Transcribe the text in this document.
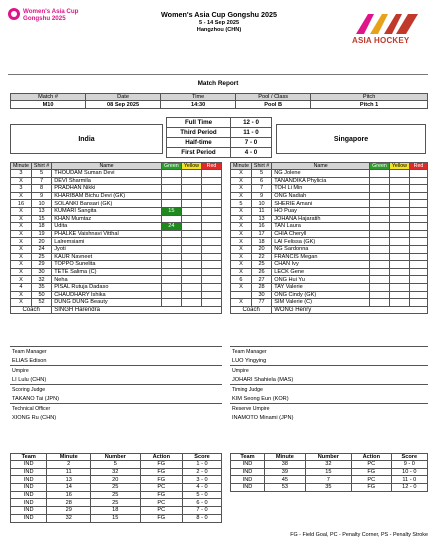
Women's Asia Cup
Gongshu 2025	Women's Asia Cup Gongshu 2025
5 - 14 Sep 2025
Hangzhou (CHN)
ASIA HOCKEY
Match Report
Match #	Date	Time	Pool / Class	Pitch
M10	08 Sep 2025	14:30	Pool B	Pitch 1
India
Full Time	12 - 0
Third Period	11 - 0
Half-time	7 - 0
First Period	4 - 0
Singapore
Minute	Shirt #	Name	Green	Yellow	Red
3	5	THOUDAM Suman Devi			
X	7	DEVI Sharmila			
3	8	PRADHAN Nikki			
X	9	KHARIBAM Bichu Devi (GK)			
16	10	SOLANKI Bansari (GK)			
X	13	KUMARI Sangita	15		
X	15	KHAN Mumtaz			
X	18	Udita	24		
X	19	PHALKE Vaishnavi Vitthal			
X	20	Lalremsiami			
X	24	Jyoti			
X	25	KAUR Navneet			
X	29	TOPPO Sunelita			
X	30	TETE Salima (C)			
X	32	Neha			
4	35	PISAL Rutuja Dadaso			
X	50	CHAUDHARY Ishika			
X	52	DUNG DUNG Beauty			
Coach		SINGH Harendra			
Minute	Shirt #	Name	Green	Yellow	Red
X	5	NG Jolene			
X	6	TANANDIKA Phylicia			
X	7	TOH Li Min			
X	9	ONG Nadiah			
5	10	SHERIE Amani			
X	11	HO Puay			
X	13	JOHANA Hajaratih			
X	16	TAN Laura			
X	17	CHIA Cheryll			
X	18	LAI Felissa (GK)			
X	20	NG Sardonna			
X	22	FRANCIS Megan			
X	25	CHAN Ivy			
X	26	LECK Gene			
6	27	ONG Hui Yu			
X	28	TAY Valerie			
	30	ONG Cindy (GK)			
X	77	SIM Valerie (C)			
Coach		WONG Henry			
Team Manager
ELIAS Edison
Umpire
LI Lulu (CHN)
Scoring Judge
TAKANO Tai (JPN)
Technical Officer
XIONG Ru (CHN)
Team Manager
LUO Yingying
Umpire
JOHARI Shahiela (MAS)
Timing Judge
KIM Seong Eun (KOR)
Reserve Umpire
INAMOTO Minami (JPN)
Team	Minute	Number	Action	Score
IND	2	5	FG	1 - 0
IND	11	32	FG	2 - 0
IND	13	20	FG	3 - 0
IND	14	25	PC	4 - 0
IND	16	25	FG	5 - 0
IND	28	25	PC	6 - 0
IND	29	18	PC	7 - 0
IND	32	15	FG	8 - 0
Team	Minute	Number	Action	Score
IND	38	32	PC	9 - 0
IND	39	15	FG	10 - 0
IND	45	7	PC	11 - 0
IND	53	35	FG	12 - 0
FG - Field Goal, PC - Penalty Corner, PS - Penalty Stroke
